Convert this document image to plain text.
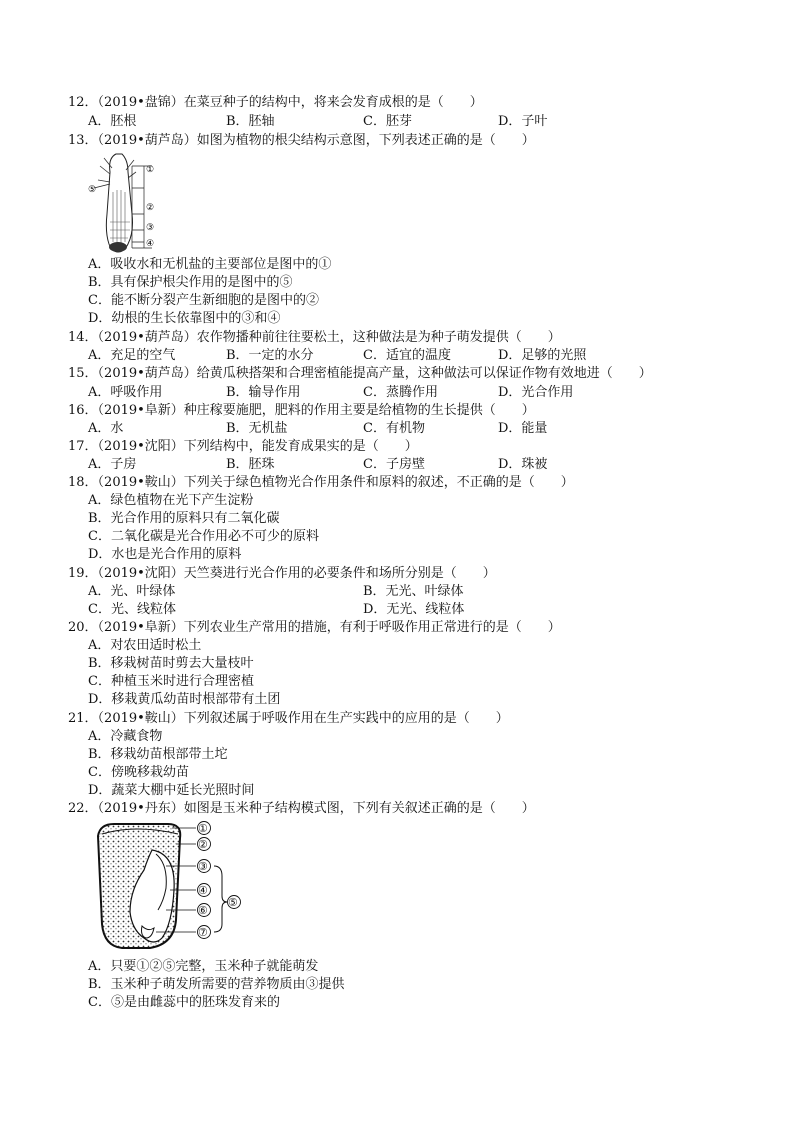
12．（2019•盘锦）在菜豆种子的结构中，将来会发育成根的是（　　）
A．胚根	B．胚轴	C．胚芽	D．子叶
13．（2019•葫芦岛）如图为植物的根尖结构示意图，下列表述正确的是（　　）
①
②
③
④
⑤
A．吸收水和无机盐的主要部位是图中的①
B．具有保护根尖作用的是图中的⑤
C．能不断分裂产生新细胞的是图中的②
D．幼根的生长依靠图中的③和④
14．（2019•葫芦岛）农作物播种前往往要松土，这种做法是为种子萌发提供（　　）
A．充足的空气	B．一定的水分	C．适宜的温度	D．足够的光照
15．（2019•葫芦岛）给黄瓜秧搭架和合理密植能提高产量，这种做法可以保证作物有效地进（　　）
A．呼吸作用	B．输导作用	C．蒸腾作用	D．光合作用
16．（2019•阜新）种庄稼要施肥，肥料的作用主要是给植物的生长提供（　　）
A．水	B．无机盐	C．有机物	D．能量
17．（2019•沈阳）下列结构中，能发育成果实的是（　　）
A．子房	B．胚珠	C．子房壁	D．珠被
18．（2019•鞍山）下列关于绿色植物光合作用条件和原料的叙述，不正确的是（　　）
A．绿色植物在光下产生淀粉
B．光合作用的原料只有二氧化碳
C．二氧化碳是光合作用必不可少的原料
D．水也是光合作用的原料
19．（2019•沈阳）天竺葵进行光合作用的必要条件和场所分别是（　　）
A．光、叶绿体	B．无光、叶绿体
C．光、线粒体	D．无光、线粒体
20．（2019•阜新）下列农业生产常用的措施，有利于呼吸作用正常进行的是（　　）
A．对农田适时松土
B．移栽树苗时剪去大量枝叶
C．种植玉米时进行合理密植
D．移栽黄瓜幼苗时根部带有土团
21．（2019•鞍山）下列叙述属于呼吸作用在生产实践中的应用的是（　　）
A．冷藏食物
B．移栽幼苗根部带土坨
C．傍晚移栽幼苗
D．蔬菜大棚中延长光照时间
22．（2019•丹东）如图是玉米种子结构模式图，下列有关叙述正确的是（　　）
①
②
③
④
⑥
⑦
⑤
A．只要①②⑤完整，玉米种子就能萌发
B．玉米种子萌发所需要的营养物质由③提供
C．⑤是由雌蕊中的胚珠发育来的
